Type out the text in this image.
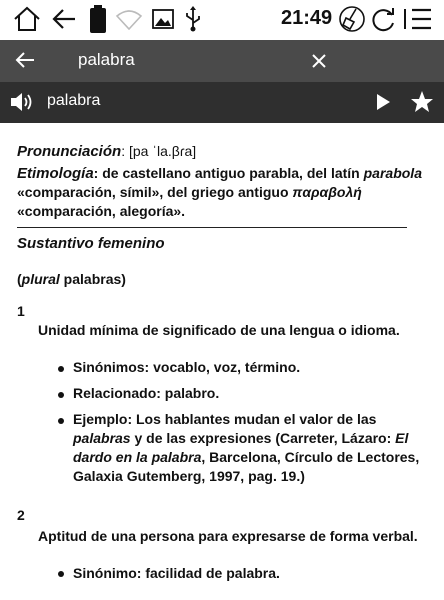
21:49
palabra
palabra
Pronunciación: [pa ˈla.βɾa]
Etimología: de castellano antiguo parabla, del latín parabola
«comparación, símil», del griego antiguo παραβολή
«comparación, alegoría».
Sustantivo femenino
(plural palabras)
1
Unidad mínima de significado de una lengua o idioma.
Sinónimos: vocablo, voz, término.
Relacionado: palabro.
Ejemplo: Los hablantes mudan el valor de las
palabras y de las expresiones (Carreter, Lázaro: El
dardo en la palabra, Barcelona, Círculo de Lectores,
Galaxia Gutemberg, 1997, pag. 19.)
2
Aptitud de una persona para expresarse de forma verbal.
Sinónimo: facilidad de palabra.
